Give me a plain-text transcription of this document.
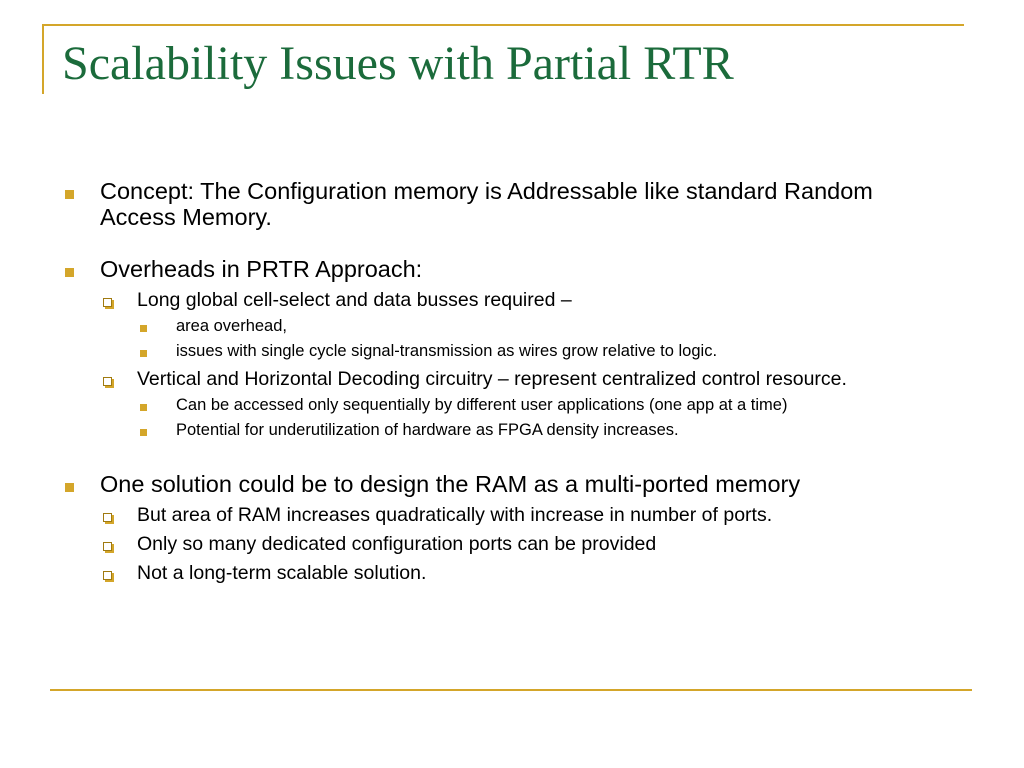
Scalability Issues with Partial RTR
Concept: The Configuration memory is Addressable like standard Random Access Memory.
Overheads in PRTR Approach:
Long global cell-select and data busses required –
area overhead,
issues with single cycle signal-transmission as wires grow relative to logic.
Vertical and Horizontal Decoding circuitry – represent centralized control resource.
Can be accessed only sequentially by different user applications (one app at a time)
Potential for underutilization of hardware as FPGA density increases.
One solution could be to design the RAM as a multi-ported memory
But area of RAM increases quadratically with increase in number of ports.
Only so many dedicated configuration ports can be provided
Not a long-term scalable solution.
